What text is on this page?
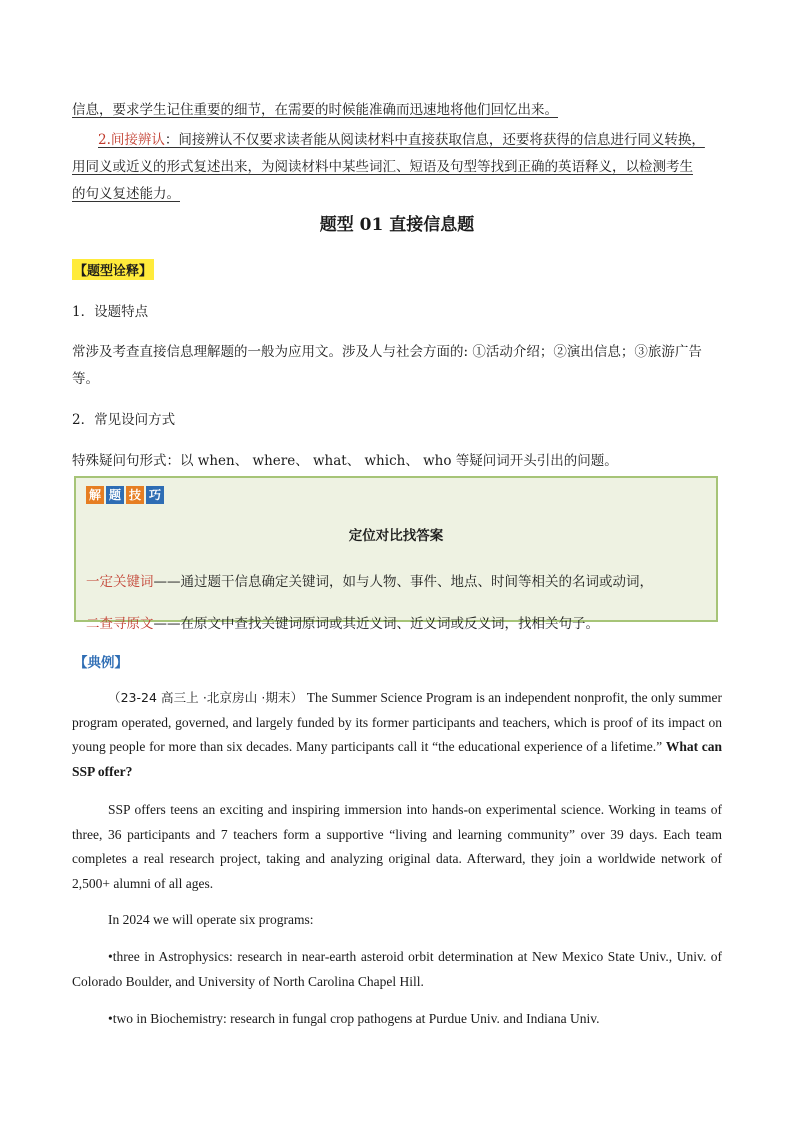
信息，要求学生记住重要的细节，在需要的时候能准确而迅速地将他们回忆出来。
2.间接辨认：间接辨认不仅要求读者能从阅读材料中直接获取信息，还要将获得的信息进行同义转换，
用同义或近义的形式复述出来，为阅读材料中某些词汇、短语及句型等找到正确的英语释义，以检测考生
的句义复述能力。
题型 01 直接信息题
【题型诠释】
1．设题特点
常涉及考查直接信息理解题的一般为应用文。涉及人与社会方面的: ①活动介绍；②演出信息；③旅游广告
等。
2．常见设问方式
特殊疑问句形式：以 when、 where、 what、 which、 who 等疑问词开头引出的问题。
解 题 技 巧
定位对比找答案
一定关键词——通过题干信息确定关键词，如与人物、事件、地点、时间等相关的名词或动词，
二查寻原文——在原文中查找关键词原词或其近义词、近义词或反义词，找相关句子。
【典例】
（23-24 高三上 ·北京房山 ·期末） The Summer Science Program is an independent nonprofit, the only summer program operated, governed, and largely funded by its former participants and teachers, which is proof of its impact on young people for more than six decades. Many participants call it “the educational experience of a lifetime.” What can SSP offer?
SSP offers teens an exciting and inspiring immersion into hands-on experimental science. Working in teams of three, 36 participants and 7 teachers form a supportive “living and learning community” over 39 days. Each team completes a real research project, taking and analyzing original data. Afterward, they join a worldwide network of 2,500+ alumni of all ages.
In 2024 we will operate six programs:
•three in Astrophysics: research in near-earth asteroid orbit determination at New Mexico State Univ., Univ. of Colorado Boulder, and University of North Carolina Chapel Hill.
•two in Biochemistry: research in fungal crop pathogens at Purdue Univ. and Indiana Univ.
